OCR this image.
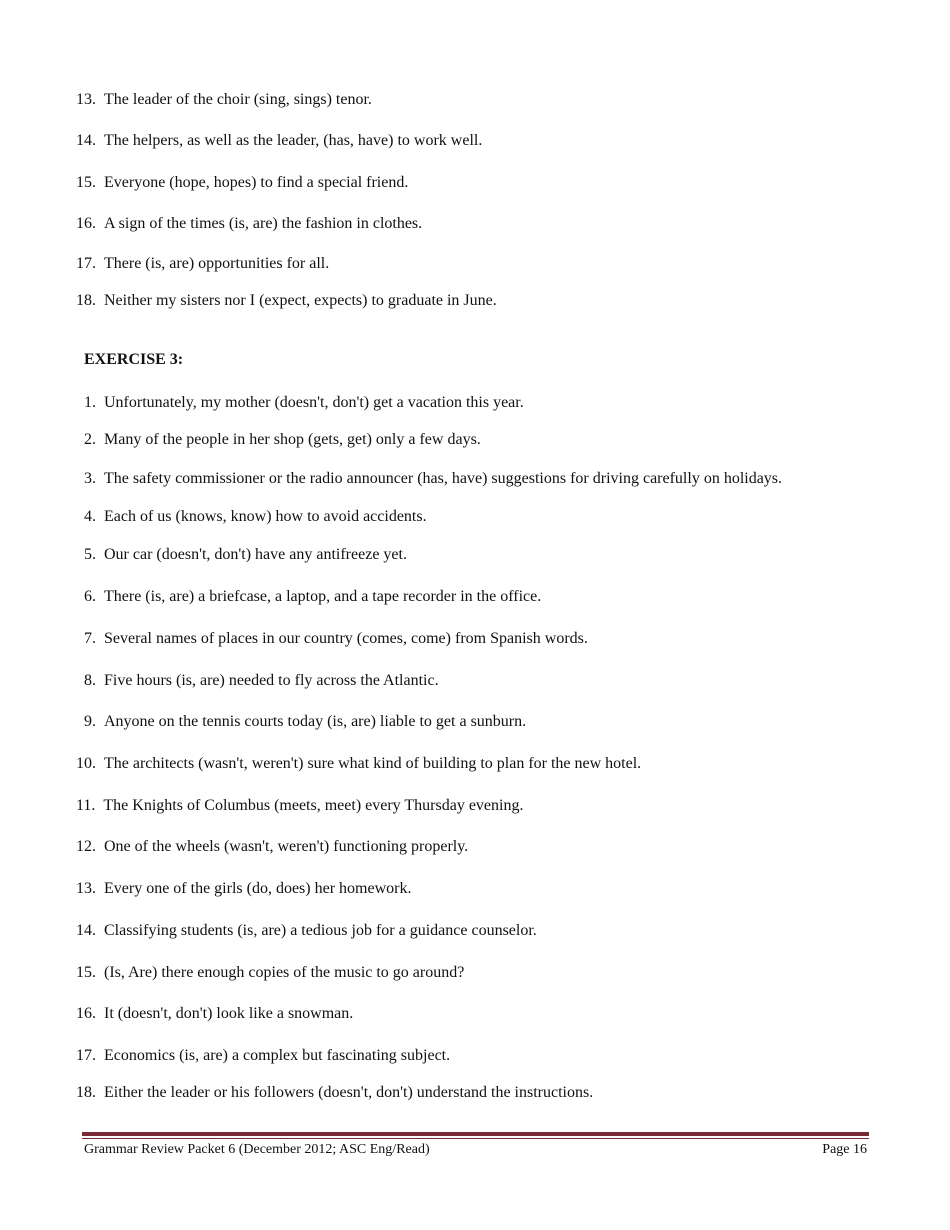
13. The leader of the choir (sing, sings) tenor.
14. The helpers, as well as the leader, (has, have) to work well.
15. Everyone (hope, hopes) to find a special friend.
16. A sign of the times (is, are) the fashion in clothes.
17. There (is, are) opportunities for all.
18. Neither my sisters nor I (expect, expects) to graduate in June.
EXERCISE 3:
1. Unfortunately, my mother (doesn't, don't) get a vacation this year.
2. Many of the people in her shop (gets, get) only a few days.
3. The safety commissioner or the radio announcer (has, have) suggestions for driving carefully on holidays.
4. Each of us (knows, know) how to avoid accidents.
5. Our car (doesn't, don't) have any antifreeze yet.
6. There (is, are) a briefcase, a laptop, and a tape recorder in the office.
7. Several names of places in our country (comes, come) from Spanish words.
8. Five hours (is, are) needed to fly across the Atlantic.
9. Anyone on the tennis courts today (is, are) liable to get a sunburn.
10. The architects (wasn't, weren't) sure what kind of building to plan for the new hotel.
11. The Knights of Columbus (meets, meet) every Thursday evening.
12. One of the wheels (wasn't, weren't) functioning properly.
13. Every one of the girls (do, does) her homework.
14. Classifying students (is, are) a tedious job for a guidance counselor.
15. (Is, Are) there enough copies of the music to go around?
16. It (doesn't, don't) look like a snowman.
17. Economics (is, are) a complex but fascinating subject.
18. Either the leader or his followers (doesn't, don't) understand the instructions.
Grammar Review Packet 6 (December 2012; ASC Eng/Read)	Page 16
